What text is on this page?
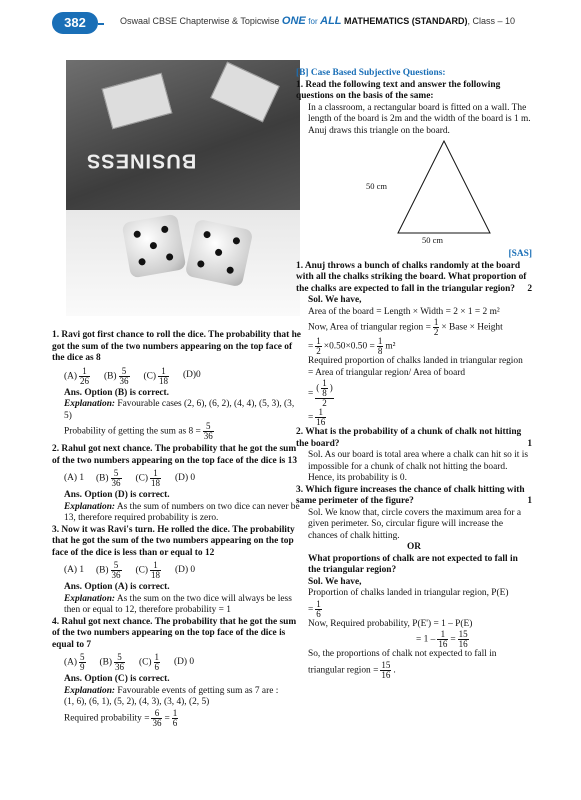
382	Oswaal CBSE Chapterwise & Topicwise ONE for ALL MATHEMATICS (STANDARD), Class – 10
BUSINESS

1. Ravi got first chance to roll the dice. The probability that he got the sum of the two numbers appearing on the top face of the dice as 8

$(A) \frac{1}{26} (B) \frac{5}{36} (C) \frac{1}{18} (D)0$
Ans. Option (B) is correct.
Explanation: Favourable cases (2, 6), (6, 2), (4, 4), (5, 3), (3, 5)
Probability of getting the sum as $8 = \frac{5}{36}$

2. Rahul got next chance. The probability that he got the sum of the two numbers appearing on the top face of the dice is 13

(A) 1 $(B) \frac{5}{36} (C) \frac{1}{18} (D)$ 0
Ans. Option (D) is correct.
Explanation: As the sum of numbers on two dice can never be 13, therefore required probability is zero.

3. Now it was Ravi's turn. He rolled the dice. The probability that he got the sum of the two numbers appearing on the top face of the dice is less than or equal to 12

(A) 1 $(B) \frac{5}{36} (C) \frac{1}{18} (D)$ 0
Ans. Option (A) is correct.
Explanation: As the sum on the two dice will always be less then or equal to 12, therefore probability = 1

4. Rahul got next chance. The probability that he got the sum of the two numbers appearing on the top face of the dice is equal to 7

$(A) \frac{5}{9} (B) \frac{5}{36} (C) \frac{1}{6} (D)$ 0
Ans. Option (C) is correct.
Explanation: Favourable events of getting sum as 7 are :
(1, 6), (6, 1), (5, 2), (4, 3), (3, 4), (2, 5)
Required probability = $\frac{6}{36} = \frac{1}{6}$
[B] Case Based Subjective Questions:

1. Read the following text and answer the following questions on the basis of the same:

In a classroom, a rectangular board is fitted on a wall. The length of the board is 2m and the width of the board is 1 m.
Anuj draws this triangle on the board.
50 cm
50 cm
[SAS]

1. Anuj throws a bunch of chalks randomly at the board with all the chalks striking the board. What proportion of the chalks are expected to fall in the triangular region? 2

Sol. We have,
Area of the board = Length × Width = 2 × 1 = 2 m²
Now, Area of triangular region = $\frac{1}{2}$ × Base × Height
= $\frac{1}{2} \times 0.50\times 0.50 = \frac{1}{8} m^2$
Required proportion of chalks landed in triangular region
= Area of triangular region/ Area of board
= $\frac{( \frac{1}{8} )}{2}$
= $\frac{1}{16}$

2. What is the probability of a chunk of chalk not hitting the board?	1

Sol. As our board is total area where a chalk can hit so it is impossible for a chunk of chalk not hitting the board. Hence, its probability is 0.

3. Which figure increases the chance of chalk hitting with same perimeter of the figure?	1

Sol. We know that, circle covers the maximum area for a given perimeter. So, circular figure will increase the chances of chalk hitting.
OR
What proportions of chalk are not expected to fall in the triangular region?
Sol. We have,
Proportion of chalks landed in triangular region, P(E)
= $\frac{1}{6}$
Now, Required probability, P(E') = 1 – P(E)
= $1 - \frac{1}{16} = \frac{15}{16}$
So, the proportions of chalk not expected to fall in triangular region = $\frac{15}{16}$ .
